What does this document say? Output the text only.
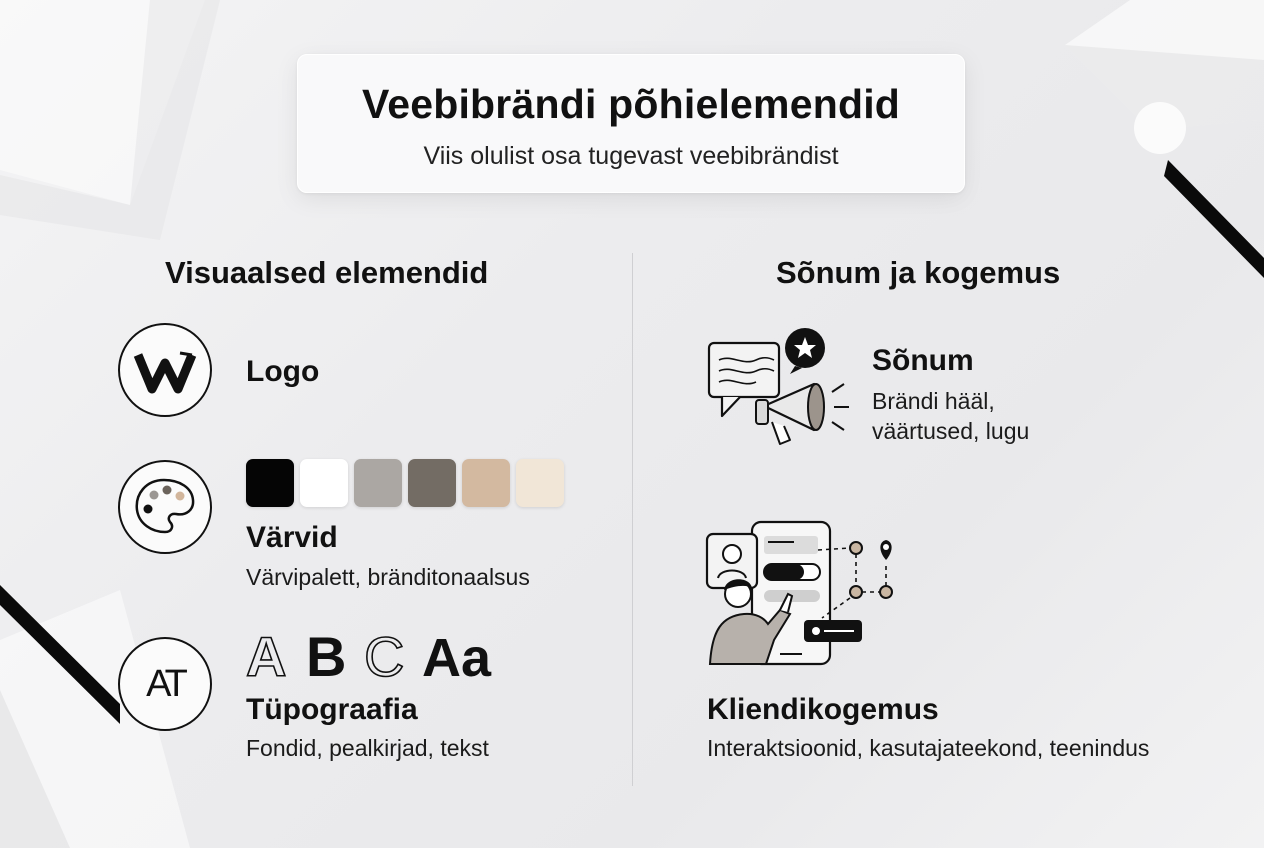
Veebibrändi põhielemendid
Viis olulist osa tugevast veebibrändist
Visuaalsed elemendid	Sõnum ja kogemus
Logo
Värvid
Värvipalett, bränditonaalsus
AT	A B C Aa
Tüpograafia
Fondid, pealkirjad, tekst
Sõnum
Brändi hääl,
väärtused, lugu
Kliendikogemus
Interaktsioonid, kasutajateekond, teenindus
